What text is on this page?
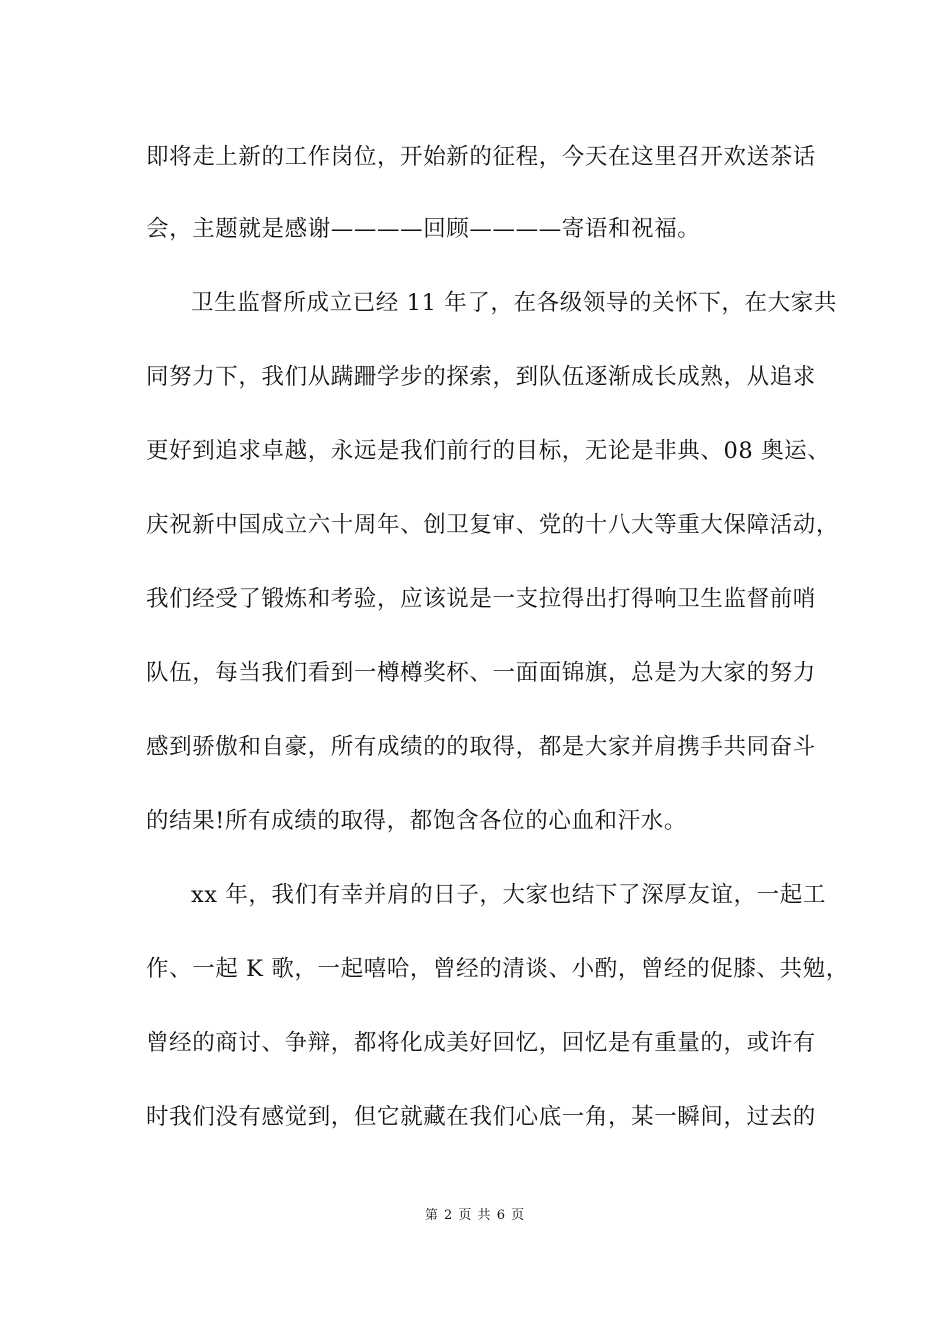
即将走上新的工作岗位，开始新的征程，今天在这里召开欢送茶话
会，主题就是感谢————回顾————寄语和祝福。
卫生监督所成立已经 11 年了，在各级领导的关怀下，在大家共
同努力下，我们从蹒跚学步的探索，到队伍逐渐成长成熟，从追求
更好到追求卓越，永远是我们前行的目标，无论是非典、08 奥运、
庆祝新中国成立六十周年、创卫复审、党的十八大等重大保障活动，
我们经受了锻炼和考验，应该说是一支拉得出打得响卫生监督前哨
队伍，每当我们看到一樽樽奖杯、一面面锦旗，总是为大家的努力
感到骄傲和自豪，所有成绩的的取得，都是大家并肩携手共同奋斗
的结果!所有成绩的取得，都饱含各位的心血和汗水。
xx 年，我们有幸并肩的日子，大家也结下了深厚友谊，一起工
作、一起 K 歌，一起嘻哈，曾经的清谈、小酌，曾经的促膝、共勉，
曾经的商讨、争辩，都将化成美好回忆，回忆是有重量的，或许有
时我们没有感觉到，但它就藏在我们心底一角，某一瞬间，过去的
第 2 页 共 6 页
